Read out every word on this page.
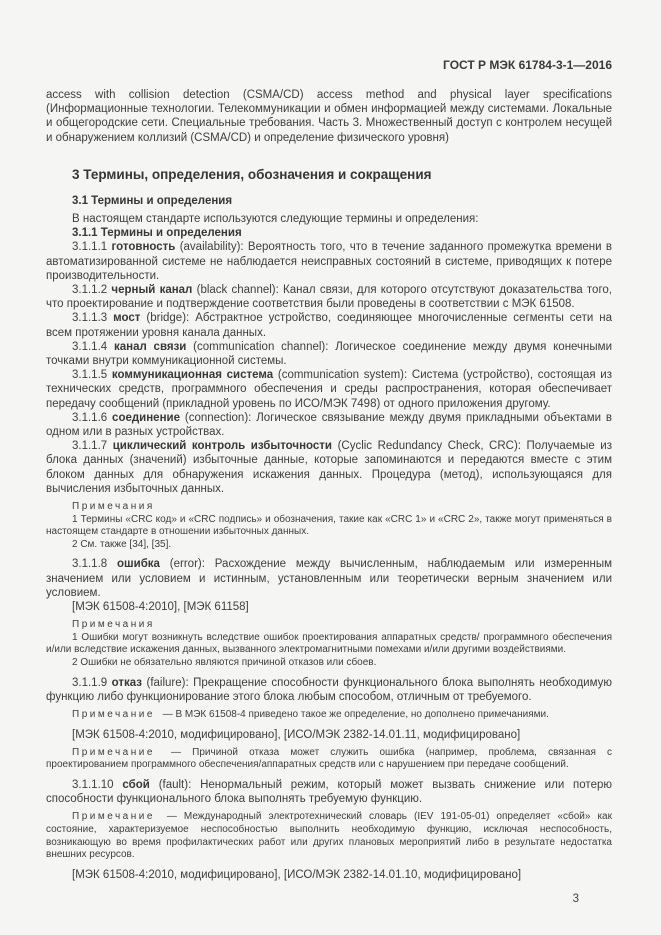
ГОСТ Р МЭК 61784-3-1—2016

access with collision detection (CSMA/CD) access method and physical layer specifications (Информационные технологии. Телекоммуникации и обмен информацией между системами. Локальные и общегородские сети. Специальные требования. Часть 3. Множественный доступ с контролем несущей и обнаружением коллизий (CSMA/CD) и определение физического уровня)

3 Термины, определения, обозначения и сокращения
3.1 Термины и определения

В настоящем стандарте используются следующие термины и определения:

3.1.1 Термины и определения

3.1.1.1 готовность (availability): Вероятность того, что в течение заданного промежутка времени в автоматизированной системе не наблюдается неисправных состояний в системе, приводящих к потере производительности.

3.1.1.2 черный канал (black channel): Канал связи, для которого отсутствуют доказательства того, что проектирование и подтверждение соответствия были проведены в соответствии с МЭК 61508.

3.1.1.3 мост (bridge): Абстрактное устройство, соединяющее многочисленные сегменты сети на всем протяжении уровня канала данных.

3.1.1.4 канал связи (communication channel): Логическое соединение между двумя конечными точками внутри коммуникационной системы.

3.1.1.5 коммуникационная система (communication system): Система (устройство), состоящая из технических средств, программного обеспечения и среды распространения, которая обеспечивает передачу сообщений (прикладной уровень по ИСО/МЭК 7498) от одного приложения другому.

3.1.1.6 соединение (connection): Логическое связывание между двумя прикладными объектами в одном или в разных устройствах.

3.1.1.7 циклический контроль избыточности (Cyclic Redundancy Check, CRC): Получаемые из блока данных (значений) избыточные данные, которые запоминаются и передаются вместе с этим блоком данных для обнаружения искажения данных. Процедура (метод), использующаяся для вычисления избыточных данных.

Примечания

1 Термины «CRC код» и «CRC подпись» и обозначения, такие как «CRC 1» и «CRC 2», также могут применяться в настоящем стандарте в отношении избыточных данных.

2 См. также [34], [35].

3.1.1.8 ошибка (error): Расхождение между вычисленным, наблюдаемым или измеренным значением или условием и истинным, установленным или теоретически верным значением или условием.

[МЭК 61508-4:2010], [МЭК 61158]

Примечания

1 Ошибки могут возникнуть вследствие ошибок проектирования аппаратных средств/ программного обеспечения и/или вследствие искажения данных, вызванного электромагнитными помехами и/или другими воздействиями.

2 Ошибки не обязательно являются причиной отказов или сбоев.

3.1.1.9 отказ (failure): Прекращение способности функционального блока выполнять необходимую функцию либо функционирование этого блока любым способом, отличным от требуемого.

Примечание — В МЭК 61508-4 приведено такое же определение, но дополнено примечаниями.

[МЭК 61508-4:2010, модифицировано], [ИСО/МЭК 2382-14.01.11, модифицировано]

Примечание — Причиной отказа может служить ошибка (например, проблема, связанная с проектированием программного обеспечения/аппаратных средств или с нарушением при передаче сообщений.

3.1.1.10 сбой (fault): Ненормальный режим, который может вызвать снижение или потерю способности функционального блока выполнять требуемую функцию.

Примечание — Международный электротехнический словарь (IEV 191-05-01) определяет «сбой» как состояние, характеризуемое неспособностью выполнить необходимую функцию, исключая неспособность, возникающую во время профилактических работ или других плановых мероприятий либо в результате недостатка внешних ресурсов.

[МЭК 61508-4:2010, модифицировано], [ИСО/МЭК 2382-14.01.10, модифицировано]

3
